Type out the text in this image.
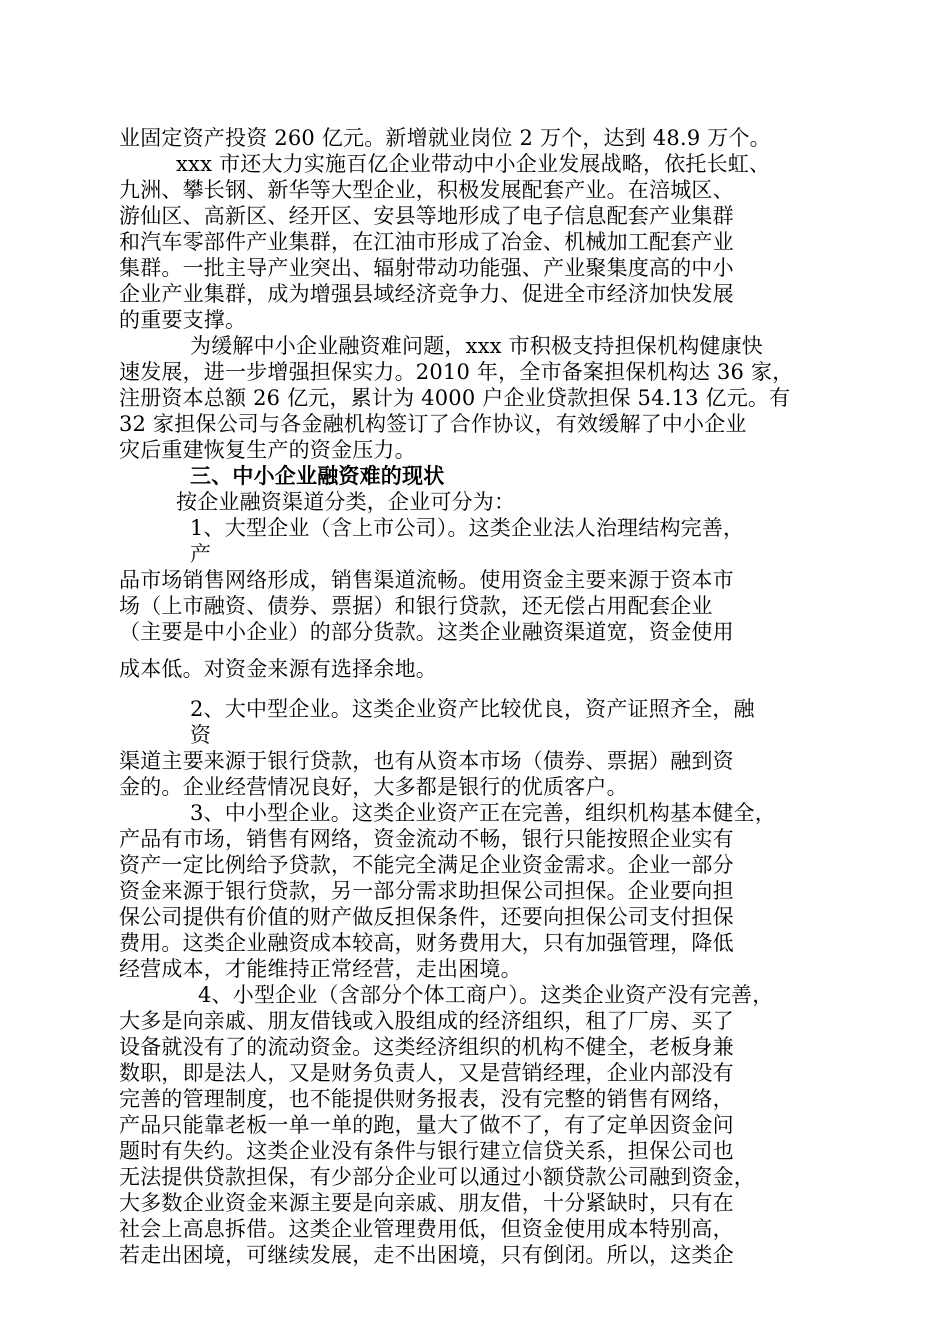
业固定资产投资 260 亿元。新增就业岗位 2 万个，达到 48.9 万个。
xxx 市还大力实施百亿企业带动中小企业发展战略，依托长虹、
九洲、攀长钢、新华等大型企业，积极发展配套产业。在涪城区、
游仙区、高新区、经开区、安县等地形成了电子信息配套产业集群
和汽车零部件产业集群，在江油市形成了冶金、机械加工配套产业
集群。一批主导产业突出、辐射带动功能强、产业聚集度高的中小
企业产业集群，成为增强县域经济竞争力、促进全市经济加快发展
的重要支撑。
为缓解中小企业融资难问题，xxx 市积极支持担保机构健康快
速发展，进一步增强担保实力。2010 年，全市备案担保机构达 36 家，
注册资本总额 26 亿元，累计为 4000 户企业贷款担保 54.13 亿元。有
32 家担保公司与各金融机构签订了合作协议，有效缓解了中小企业
灾后重建恢复生产的资金压力。
三、中小企业融资难的现状
按企业融资渠道分类，企业可分为：
1、大型企业（含上市公司）。这类企业法人治理结构完善，
产
品市场销售网络形成，销售渠道流畅。使用资金主要来源于资本市
场（上市融资、债券、票据）和银行贷款，还无偿占用配套企业
（主要是中小企业）的部分货款。这类企业融资渠道宽，资金使用
成本低。对资金来源有选择余地。
2、大中型企业。这类企业资产比较优良，资产证照齐全，融
资
渠道主要来源于银行贷款，也有从资本市场（债券、票据）融到资
金的。企业经营情况良好，大多都是银行的优质客户。
3、中小型企业。这类企业资产正在完善，组织机构基本健全，
产品有市场，销售有网络，资金流动不畅，银行只能按照企业实有
资产一定比例给予贷款，不能完全满足企业资金需求。企业一部分
资金来源于银行贷款，另一部分需求助担保公司担保。企业要向担
保公司提供有价值的财产做反担保条件，还要向担保公司支付担保
费用。这类企业融资成本较高，财务费用大，只有加强管理，降低
经营成本，才能维持正常经营，走出困境。
4、小型企业（含部分个体工商户）。这类企业资产没有完善，
大多是向亲戚、朋友借钱或入股组成的经济组织，租了厂房、买了
设备就没有了的流动资金。这类经济组织的机构不健全，老板身兼
数职，即是法人，又是财务负责人，又是营销经理，企业内部没有
完善的管理制度，也不能提供财务报表，没有完整的销售有网络，
产品只能靠老板一单一单的跑，量大了做不了，有了定单因资金问
题时有失约。这类企业没有条件与银行建立信贷关系，担保公司也
无法提供贷款担保，有少部分企业可以通过小额贷款公司融到资金，
大多数企业资金来源主要是向亲戚、朋友借，十分紧缺时，只有在
社会上高息拆借。这类企业管理费用低，但资金使用成本特别高，
若走出困境，可继续发展，走不出困境，只有倒闭。所以，这类企
